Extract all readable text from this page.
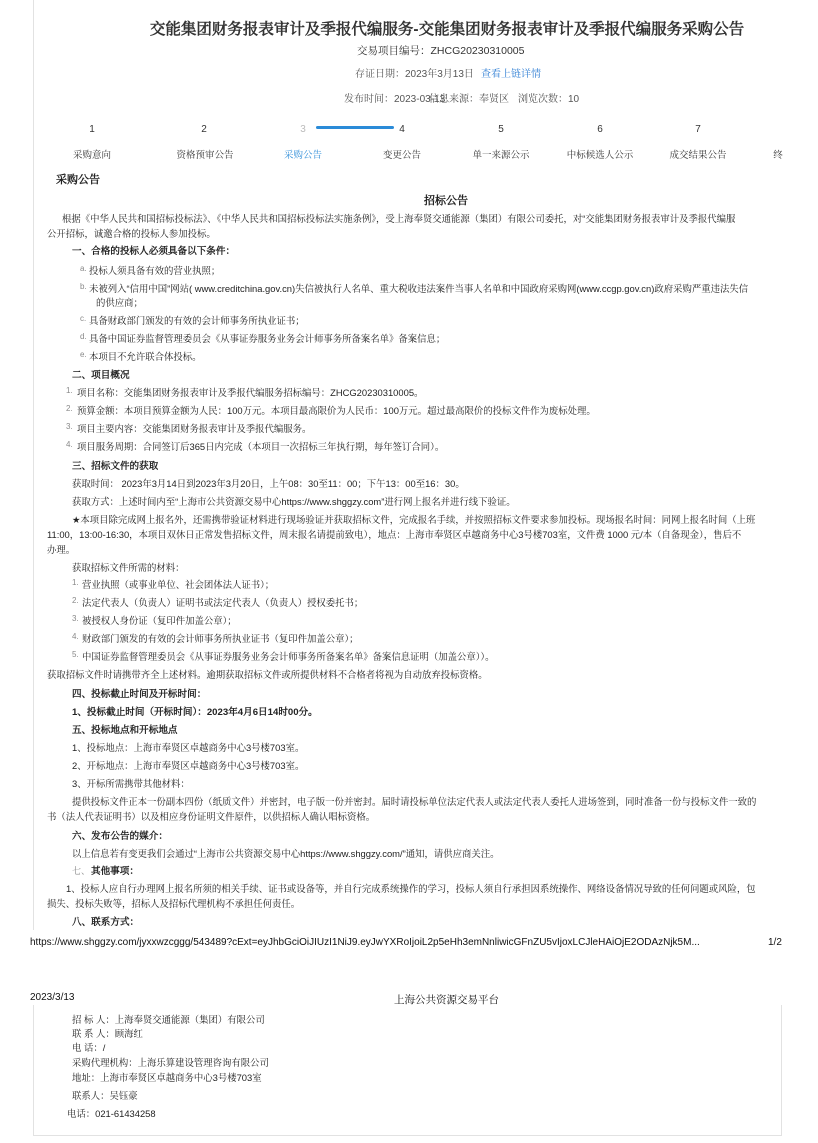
交能集团财务报表审计及季报代编服务-交能集团财务报表审计及季报代编服务采购公告
交易项目编号：ZHCG20230310005
存证日期：2023年3月13日 查看上链详情
发布时间：2023-03-13
信息来源：奉贤区 浏览次数：10
1
采购意向
2
资格预审公告
3
采购公告
4
变更公告
5
单一来源公示
6
中标候选人公示
7
成交结果公告	终
采购公告
招标公告
根据《中华人民共和国招标投标法》、《中华人民共和国招标投标法实施条例》，受上海奉贤交通能源（集团）有限公司委托，对“交能集团财务报表审计及季报代编服
公开招标，诚邀合格的投标人参加投标。
一、合格的投标人必须具备以下条件：
a. 投标人须具备有效的营业执照；
b. 未被列入“信用中国”网站( www.creditchina.gov.cn)失信被执行人名单、重大税收违法案件当事人名单和中国政府采购网(www.ccgp.gov.cn)政府采购严重违法失信
的供应商；
c. 具备财政部门颁发的有效的会计师事务所执业证书；
d. 具备中国证券监督管理委员会《从事证券服务业务会计师事务所备案名单》备案信息；
e. 本项目不允许联合体投标。
二、项目概况
1. 项目名称：交能集团财务报表审计及季报代编服务招标编号：ZHCG20230310005。
2. 预算金额：本项目预算金额为人民：100万元。本项目最高限价为人民币：100万元。超过最高限价的投标文件作为废标处理。
3. 项目主要内容：交能集团财务报表审计及季报代编服务。
4. 项目服务周期：合同签订后365日内完成（本项目一次招标三年执行期，每年签订合同）。
三、招标文件的获取
获取时间： 2023年3月14日到2023年3月20日，上午08：30至11：00；下午13：00至16：30。
获取方式：上述时间内至“上海市公共资源交易中心https://www.shggzy.com”进行网上报名并进行线下验证。
★本项目除完成网上报名外，还需携带验证材料进行现场验证并获取招标文件，完成报名手续，并按照招标文件要求参加投标。现场报名时间：同网上报名时间（上班
11:00，13:00-16:30，本项目双休日正常发售招标文件，周末报名请提前致电），地点：上海市奉贤区卓越商务中心3号楼703室，文件费 1000 元/本（自备现金），售后不
办理。
获取招标文件所需的材料：
1. 营业执照（或事业单位、社会团体法人证书）；
2. 法定代表人（负责人）证明书或法定代表人（负责人）授权委托书；
3. 被授权人身份证（复印件加盖公章）；
4. 财政部门颁发的有效的会计师事务所执业证书（复印件加盖公章）；
5. 中国证券监督管理委员会《从事证券服务业务会计师事务所备案名单》备案信息证明（加盖公章））。
获取招标文件时请携带齐全上述材料。逾期获取招标文件或所提供材料不合格者将视为自动放弃投标资格。
四、投标截止时间及开标时间：
1、投标截止时间（开标时间）：2023年4月6日14时00分。
五、投标地点和开标地点
1、投标地点：上海市奉贤区卓越商务中心3号楼703室。
2、开标地点：上海市奉贤区卓越商务中心3号楼703室。
3、开标所需携带其他材料：
提供投标文件正本一份副本四份（纸质文件）并密封，电子版一份并密封。届时请投标单位法定代表人或法定代表人委托人进场签到，同时准备一份与投标文件一致的
书（法人代表证明书）以及相应身份证明文件原件，以供招标人确认唱标资格。
六、发布公告的媒介：
以上信息若有变更我们会通过“上海市公共资源交易中心https://www.shggzy.com/”通知，请供应商关注。
七、 其他事项：
1、投标人应自行办理网上报名所须的相关手续、证书或设备等，并自行完成系统操作的学习，投标人须自行承担因系统操作、网络设备情况导致的任何问题或风险，包
损失、投标失败等，招标人及招标代理机构不承担任何责任。
八、联系方式：
https://www.shggzy.com/jyxxwzcggg/543489?cExt=eyJhbGciOiJIUzI1NiJ9.eyJwYXRoIjoiL2p5eHh3emNnliwicGFnZU5vIjoxLCJleHAiOjE2ODAzNjk5M...	1/2
2023/3/13	上海公共资源交易平台
招 标 人：上海奉贤交通能源（集团）有限公司
联 系 人：顾海红
电 话：/
采购代理机构：上海乐算建设管理咨询有限公司
地址：上海市奉贤区卓越商务中心3号楼703室
联系人：吴钰豪
电话：021-61434258
